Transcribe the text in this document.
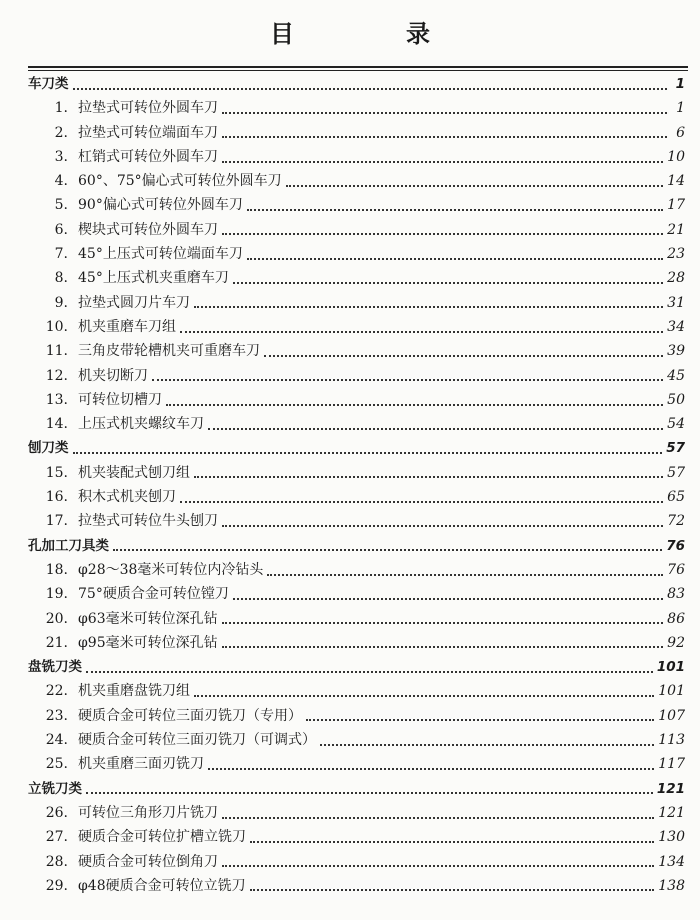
目　录
车刀类	1
1. 拉垫式可转位外圆车刀	1
2. 拉垫式可转位端面车刀	6
3. 杠销式可转位外圆车刀	10
4. 60°、75°偏心式可转位外圆车刀	14
5. 90°偏心式可转位外圆车刀	17
6. 楔块式可转位外圆车刀	21
7. 45°上压式可转位端面车刀	23
8. 45°上压式机夹重磨车刀	28
9. 拉垫式圆刀片车刀	31
10. 机夹重磨车刀组	34
11. 三角皮带轮槽机夹可重磨车刀	39
12. 机夹切断刀	45
13. 可转位切槽刀	50
14. 上压式机夹螺纹车刀	54
刨刀类	57
15. 机夹装配式刨刀组	57
16. 积木式机夹刨刀	65
17. 拉垫式可转位牛头刨刀	72
孔加工刀具类	76
18. φ28～38毫米可转位内冷钻头	76
19. 75°硬质合金可转位镗刀	83
20. φ63毫米可转位深孔钻	86
21. φ95毫米可转位深孔钻	92
盘铣刀类	101
22. 机夹重磨盘铣刀组	101
23. 硬质合金可转位三面刃铣刀（专用）	107
24. 硬质合金可转位三面刃铣刀（可调式）	113
25. 机夹重磨三面刃铣刀	117
立铣刀类	121
26. 可转位三角形刀片铣刀	121
27. 硬质合金可转位扩槽立铣刀	130
28. 硬质合金可转位倒角刀	134
29. φ48硬质合金可转位立铣刀	138
